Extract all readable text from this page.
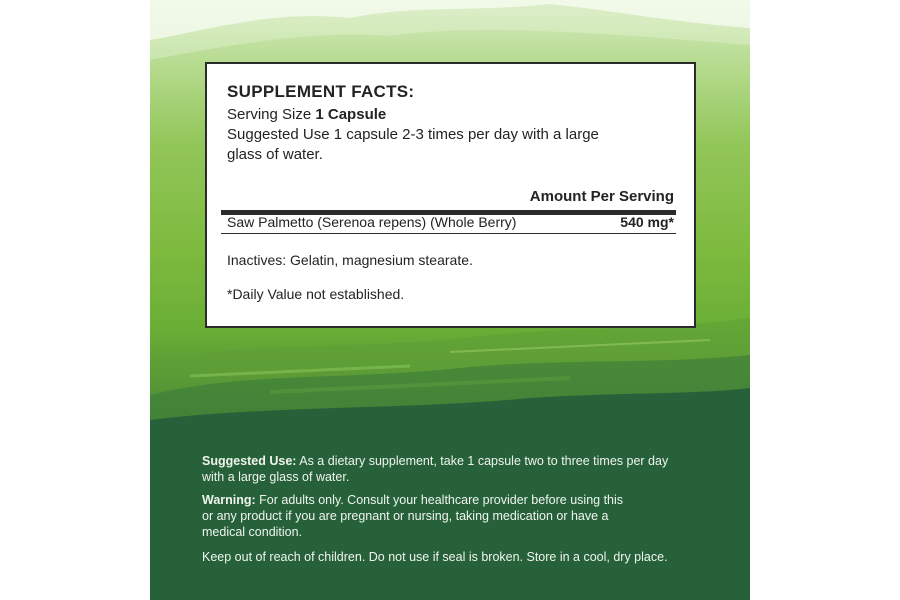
SUPPLEMENT FACTS:
Serving Size 1 Capsule
Suggested Use 1 capsule 2-3 times per day with a large
glass of water.
Amount Per Serving
Saw Palmetto (Serenoa repens) (Whole Berry)	540 mg*
Inactives: Gelatin, magnesium stearate.
*Daily Value not established.
Suggested Use: As a dietary supplement, take 1 capsule two to three times per day
with a large glass of water.
Warning: For adults only. Consult your healthcare provider before using this
or any product if you are pregnant or nursing, taking medication or have a
medical condition.
Keep out of reach of children. Do not use if seal is broken. Store in a cool, dry place.
